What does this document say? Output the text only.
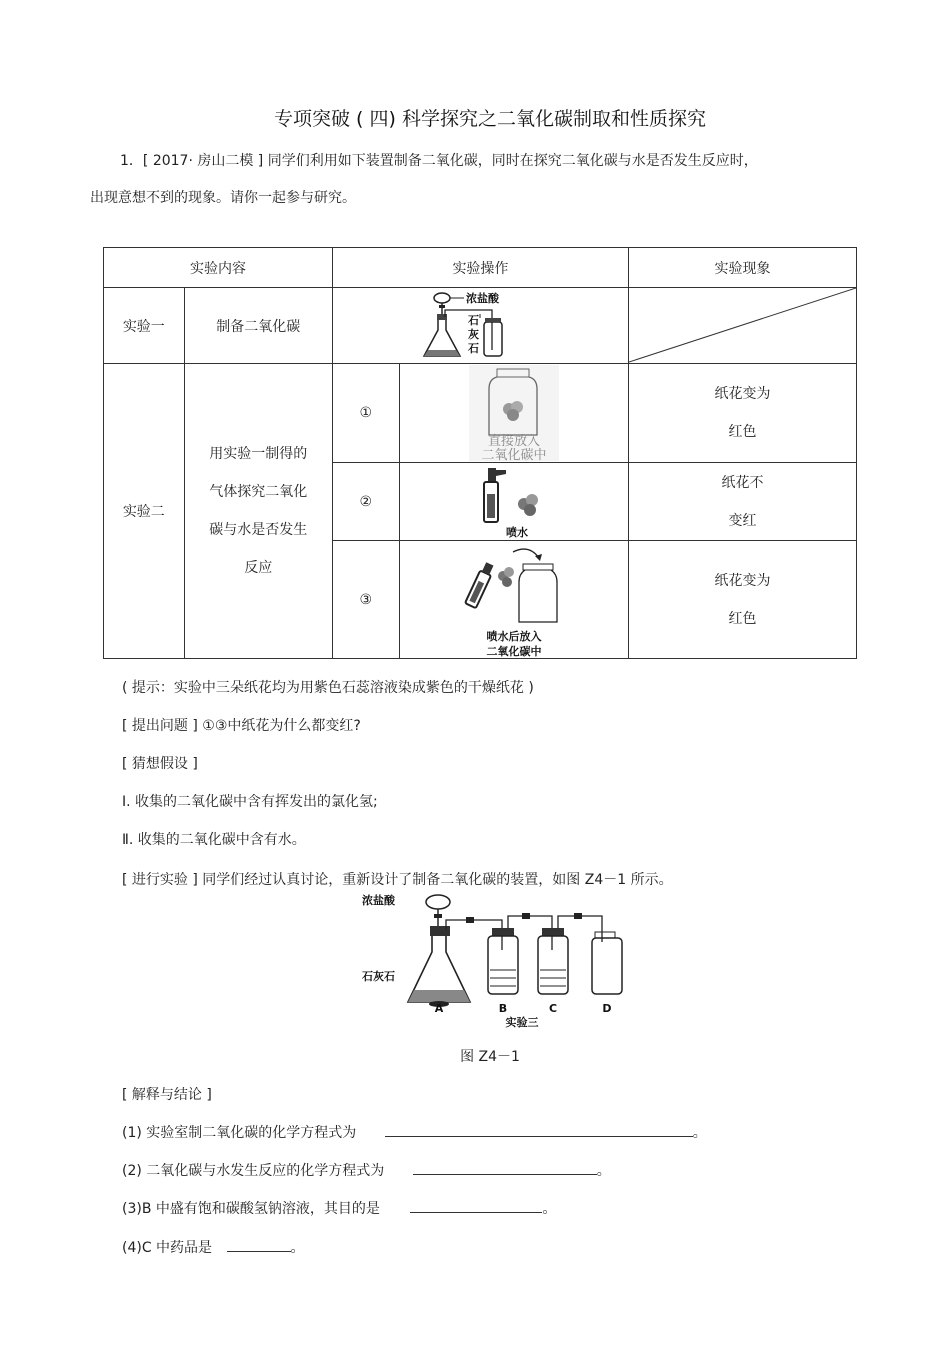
专项突破 ( 四) 科学探究之二氧化碳制取和性质探究
1．[ 2017· 房山二模 ] 同学们利用如下装置制备二氧化碳，同时在探究二氧化碳与水是否发生反应时，
出现意想不到的现象。请你一起参与研究。
实验内容		实验操作		实验现象
实验一	制备二氧化碳	浓盐酸
石
灰
石

实验二	用实验一制得的
气体探究二氧化
碳与水是否发生
反应	①	直接放入
二氧化碳中	纸花变为
红色

		②	喷水	纸花不
变红

		③	喷水后放入
二氧化碳中	纸花变为
红色
( 提示：实验中三朵纸花均为用紫色石蕊溶液染成紫色的干燥纸花 )
[ 提出问题 ] ①③中纸花为什么都变红?
[ 猜想假设 ]
Ⅰ. 收集的二氧化碳中含有挥发出的氯化氢;
Ⅱ. 收集的二氧化碳中含有水。
[ 进行实验 ] 同学们经过认真讨论，重新设计了制备二氧化碳的装置，如图 Z4－1 所示。
浓盐酸
石灰石
A	B	C	D
实验三
图 Z4－1
[ 解释与结论 ]
(1) 实验室制二氧化碳的化学方程式为	。
(2) 二氧化碳与水发生反应的化学方程式为	。
(3)B 中盛有饱和碳酸氢钠溶液，其目的是	。
(4)C 中药品是	。
